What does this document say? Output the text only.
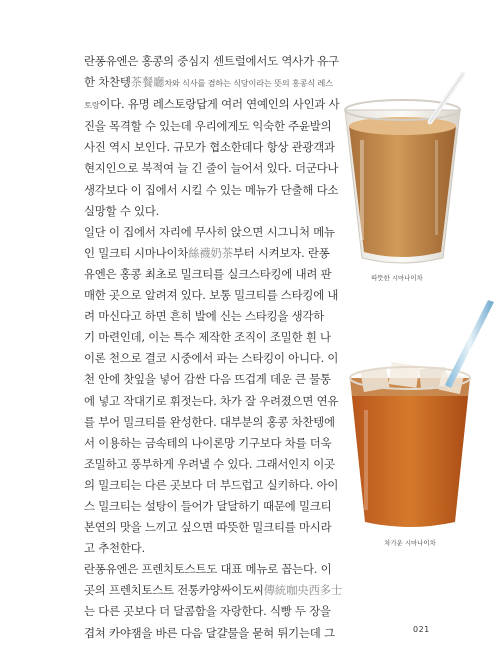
란퐁유엔은 홍콩의 중심지 센트럴에서도 역사가 유구
한 차찬텡茶餐廳차와 식사를 겸하는 식당이라는 뜻의 홍콩식 레스
토랑이다. 유명 레스토랑답게 여러 연예인의 사인과 사
진을 목격할 수 있는데 우리에게도 익숙한 주윤발의
사진 역시 보인다. 규모가 협소한데다 항상 관광객과
현지인으로 북적여 늘 긴 줄이 늘어서 있다. 더군다나
생각보다 이 집에서 시킬 수 있는 메뉴가 단출해 다소
실망할 수 있다.
일단 이 집에서 자리에 무사히 앉으면 시그니처 메뉴
인 밀크티 시마나이차絲襪奶茶부터 시켜보자. 란퐁
유엔은 홍콩 최초로 밀크티를 실크스타킹에 내려 판
매한 곳으로 알려져 있다. 보통 밀크티를 스타킹에 내
려 마신다고 하면 흔히 발에 신는 스타킹을 생각하
기 마련인데, 이는 특수 제작한 조직이 조밀한 흰 나
이론 천으로 결코 시중에서 파는 스타킹이 아니다. 이
천 안에 찻잎을 넣어 감싼 다음 뜨겁게 데운 큰 물통
에 넣고 작대기로 휘젓는다. 차가 잘 우려졌으면 연유
를 부어 밀크티를 완성한다. 대부분의 홍콩 차찬텡에
서 이용하는 금속테의 나이론망 기구보다 차를 더욱
조밀하고 풍부하게 우려낼 수 있다. 그래서인지 이곳
의 밀크티는 다른 곳보다 더 부드럽고 실키하다. 아이
스 밀크티는 설탕이 들어가 달달하기 때문에 밀크티
본연의 맛을 느끼고 싶으면 따뜻한 밀크티를 마시라
고 추천한다.
란퐁유엔은 프렌치토스트도 대표 메뉴로 꼽는다. 이
곳의 프렌치토스트 전통카양싸이도씨傳統咖央西多士
는 다른 곳보다 더 달콤함을 자랑한다. 식빵 두 장을
겹쳐 카야잼을 바른 다음 달걀물을 묻혀 튀기는데 그
따뜻한 시마나이차
차가운 시마나이차
021
